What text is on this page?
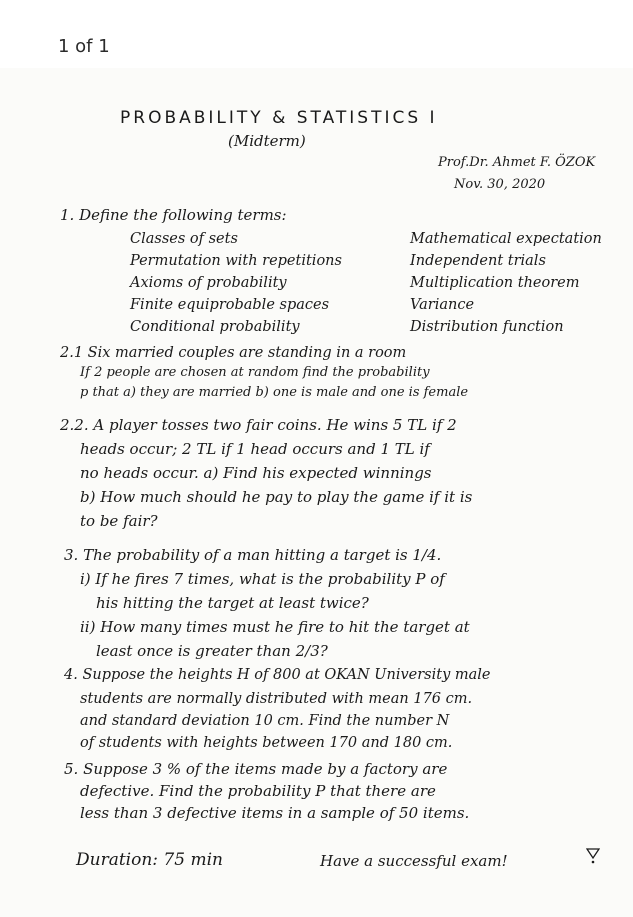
1 of 1
PROBABILITY & STATISTICS I
(Midterm)
Prof.Dr. Ahmet F. ÖZOK
Nov. 30, 2020
1. Define the following terms:
Classes of sets
Permutation with repetitions
Axioms of probability
Finite equiprobable spaces
Conditional probability
Mathematical expectation
Independent trials
Multiplication theorem
Variance
Distribution function
2.1 Six married couples are standing in a room
If 2 people are chosen at random find the probability
p that a) they are married b) one is male and one is female
2.2. A player tosses two fair coins. He wins 5 TL if 2
heads occur; 2 TL if 1 head occurs and 1 TL if
no heads occur. a) Find his expected winnings
b) How much should he pay to play the game if it is
to be fair?
3. The probability of a man hitting a target is 1/4.
i) If he fires 7 times, what is the probability P of
his hitting the target at least twice?
ii) How many times must he fire to hit the target at
least once is greater than 2/3?
4. Suppose the heights H of 800 at OKAN University male
students are normally distributed with mean 176 cm.
and standard deviation 10 cm. Find the number N
of students with heights between 170 and 180 cm.
5. Suppose 3 % of the items made by a factory are
defective. Find the probability P that there are
less than 3 defective items in a sample of 50 items.
Duration: 75 min	Have a successful exam!
